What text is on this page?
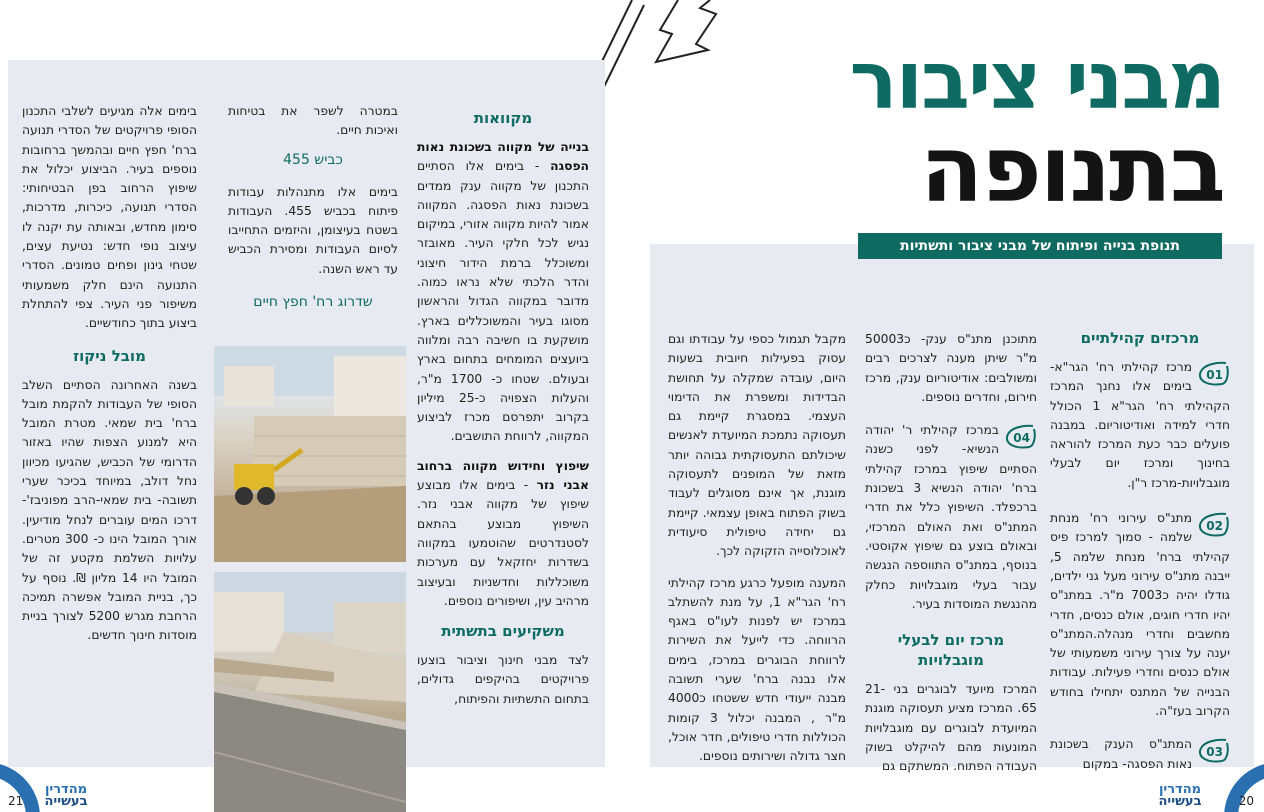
מבני ציבור
בתנופה
תנופת בנייה ופיתוח של מבני ציבור ותשתיות
מרכזים קהילתיים
01

מרכז קהילתי רח' הגר"א- בימים אלו נחנך המרכז הקהילתי רח' הגר"א 1 הכולל חדרי למידה ואודיטוריום. במבנה פועלים כבר כעת המרכז להוראה בחינוך ומרכז יום לבעלי מוגבלויות-מרכז ר"ן.

02

מתנ"ס עירוני רח' מנחת שלמה - סמוך למרכז פיס קהילתי ברח' מנחת שלמה 5, ייבנה מתנ"ס עירוני מעל גני ילדים, גודלו יהיה כ7003 מ"ר. במתנ"ס יהיו חדרי חוגים, אולם כנסים, חדרי מחשבים וחדרי מנהלה.המתנ"ס יענה על צורך עירוני משמעותי של אולם כנסים וחדרי פעילות. עבודות הבנייה של המתנס יתחילו בחודש הקרוב בעז"ה.

03

המתנ"ס הענק בשכונת נאות הפסגה- במקום

מתוכנן מתנ"ס ענק- כ50003 מ"ר שיתן מענה לצרכים רבים ומשולבים: אודיטוריום ענק, מרכז חירום, וחדרים נוספים.

04

במרכז קהילתי ר' יהודה הנשיא- לפני כשנה הסתיים שיפוץ במרכז קהילתי ברח' יהודה הנשיא 3 בשכונת ברכפלד. השיפוץ כלל את חדרי המתנ"ס ואת האולם המרכזי, ובאולם בוצע גם שיפוץ אקוסטי. בנוסף, במתנ"ס התווספה הנגשה עבור בעלי מוגבלויות כחלק מהנגשת המוסדות בעיר.

מרכז יום לבעלי מוגבלויות

המרכז מיועד לבוגרים בני 21-65. המרכז מציע תעסוקה מוגנת המיועדת לבוגרים עם מוגבלויות המונעות מהם להיקלט בשוק העבודה הפתוח. המשתקם גם

מקבל תגמול כספי על עבודתו וגם עסוק בפעילות חיובית בשעות היום, עובדה שמקלה על תחושת הבדידות ומשפרת את הדימוי העצמי. במסגרת קיימת גם תעסוקה נתמכת המיועדת לאנשים שיכולתם התעסוקתית גבוהה יותר מזאת של המופנים לתעסוקה מוגנת, אך אינם מסוגלים לעבוד בשוק הפתוח באופן עצמאי. קיימת גם יחידה טיפולית סיעודית לאוכלוסייה הזקוקה לכך.

המענה מופעל כרגע מרכז קהילתי רח' הגר"א 1, על מנת להשתלב במרכז יש לפנות לעו"ס באגף הרווחה. כדי לייעל את השירות לרווחת הבוגרים במרכז, בימים אלו נבנה ברח' שערי תשובה מבנה ייעודי חדש ששטחו כ4000 מ"ר , המבנה יכלול 3 קומות הכוללות חדרי טיפולים, חדר אוכל, חצר גדולה ושירותים נוספים.

מקוואות

בנייה של מקווה בשכונת נאות הפסגה - בימים אלו הסתיים התכנון של מקווה ענק ממדים בשכונת נאות הפסגה. המקווה אמור להיות מקווה אזורי, במיקום נגיש לכל חלקי העיר. מאובזר ומשוכלל ברמת הידור חיצוני והדר הלכתי שלא נראו כמוה. מדובר במקווה הגדול והראשון מסוגו בעיר והמשוכללים בארץ. מושקעת בו חשיבה רבה ומלווה ביועצים המומחים בתחום בארץ ובעולם. שטחו כ- 1700 מ"ר, והעלות הצפויה כ-25 מיליון בקרוב יתפרסם מכרז לביצוע המקווה, לרווחת התושבים.

שיפוץ וחידוש מקווה ברחוב אבני נזר - בימים אלו מבוצע שיפוץ של מקווה אבני נזר. השיפוץ מבוצע בהתאם לסטנדרטים שהוטמעו במקווה בשדרות יחזקאל עם מערכות משוכללות וחדשניות ובעיצוב מרהיב עין, ושיפורים נוספים.

משקיעים בתשתית

לצד מבני חינוך וציבור בוצעו פרויקטים בהיקפים גדולים, בתחום התשתיות והפיתוח,

במטרה לשפר את בטיחות ואיכות חיים.

כביש 455

בימים אלו מתנהלות עבודות פיתוח בכביש 455. העבודות בשטח בעיצומן, והיזמים התחייבו לסיום העבודות ומסירת הכביש עד ראש השנה.

שדרוג רח' חפץ חיים

בימים אלה מגיעים לשלבי התכנון הסופי פרויקטים של הסדרי תנועה ברח' חפץ חיים ובהמשך ברחובות נוספים בעיר. הביצוע יכלול את שיפוץ הרחוב בפן הבטיחותי: הסדרי תנועה, כיכרות, מדרכות, סימון מחדש, ובאותה עת יקנה לו עיצוב נופי חדש: נטיעת עצים, שטחי גינון ופחים טמונים. הסדרי התנועה הינם חלק משמעותי משיפור פני העיר. צפי להתחלת ביצוע בתוך כחודשיים.

מובל ניקוז

בשנה האחרונה הסתיים השלב הסופי של העבודות להקמת מובל ברח' בית שמאי. מטרת המובל היא למנוע הצפות שהיו באזור הדרומי של הכביש, שהגיעו מכיוון נחל דולב, במיוחד בכיכר שערי תשובה- בית שמאי-הרב מפוניבז'- דרכו המים עוברים לנחל מודיעין. אורך המובל הינו כ- 300 מטרים. עלויות השלמת מקטע זה של המובל היו 14 מליון ₪. נוסף על כך, בניית המובל אפשרה תמיכה הרחבת מגרש 5200 לצורך בניית מוסדות חינוך חדשים.

21	20
מהדרין
בעשייה
מהדרין
בעשייה
